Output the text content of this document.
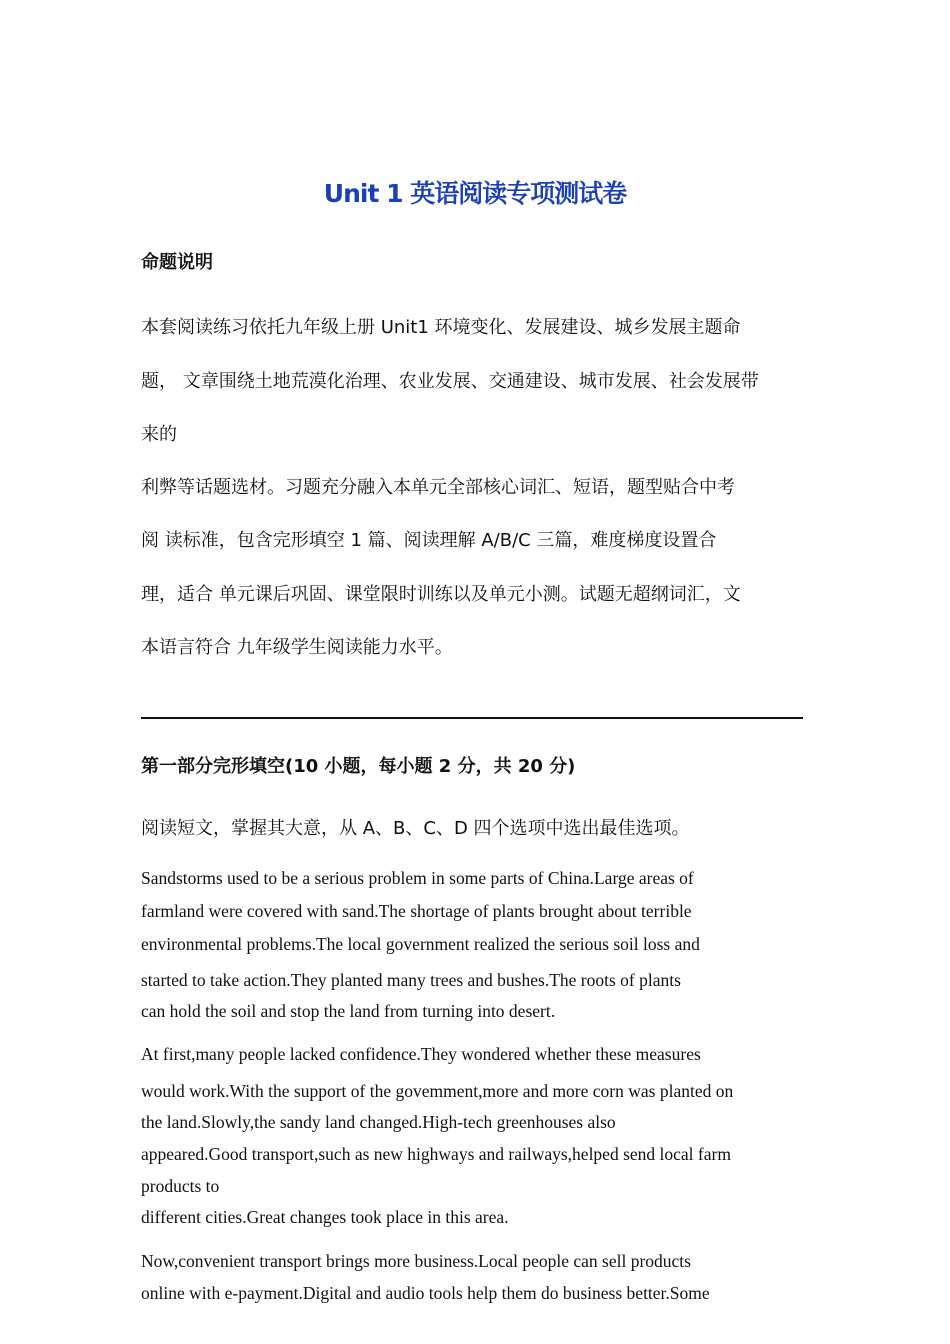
Unit 1 英语阅读专项测试卷
命题说明
本套阅读练习依托九年级上册 Unit1 环境变化、发展建设、城乡发展主题命
题， 文章围绕土地荒漠化治理、农业发展、交通建设、城市发展、社会发展带
来的
利弊等话题选材。习题充分融入本单元全部核心词汇、短语，题型贴合中考
阅 读标准，包含完形填空 1 篇、阅读理解 A/B/C 三篇，难度梯度设置合
理，适合 单元课后巩固、课堂限时训练以及单元小测。试题无超纲词汇，文
本语言符合 九年级学生阅读能力水平。
第一部分完形填空(10 小题，每小题 2 分，共 20 分)
阅读短文，掌握其大意，从 A、B、C、D 四个选项中选出最佳选项。
Sandstorms used to be a serious problem in some parts of China.Large areas of
farmland were covered with sand.The shortage of plants brought about terrible
environmental problems.The local government realized the serious soil loss and
started to take action.They planted many trees and bushes.The roots of plants
can hold the soil and stop the land from turning into desert.
At first,many people lacked confidence.They wondered whether these measures
would work.With the support of the govemment,more and more corn was planted on
the land.Slowly,the sandy land changed.High-tech greenhouses also
appeared.Good transport,such as new highways and railways,helped send local farm
products to
different cities.Great changes took place in this area.
Now,convenient transport brings more business.Local people can sell products
online with e-payment.Digital and audio tools help them do business better.Some
